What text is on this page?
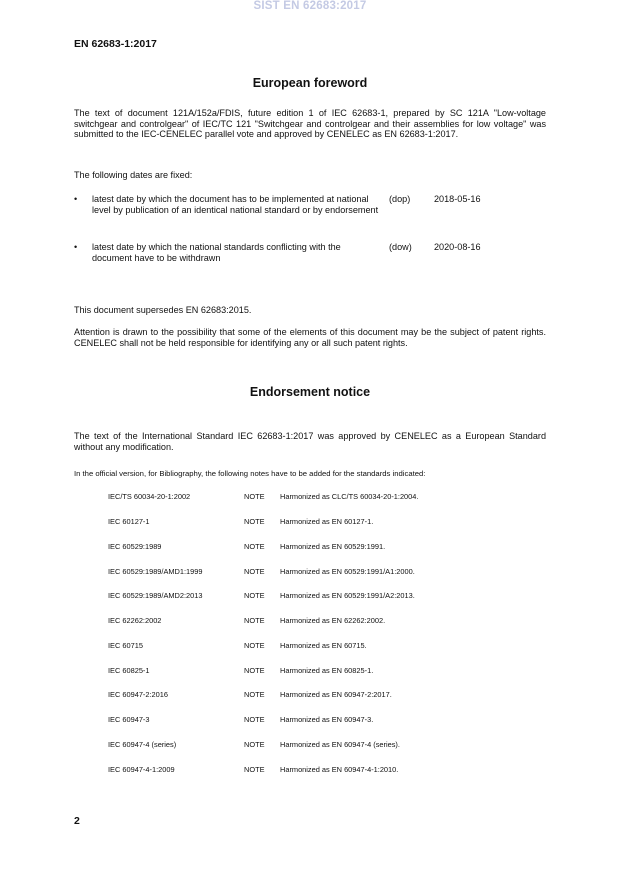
SIST EN 62683:2017
EN 62683-1:2017
European foreword
The text of document 121A/152a/FDIS, future edition 1 of IEC 62683-1, prepared by SC 121A "Low-voltage switchgear and controlgear" of IEC/TC 121 "Switchgear and controlgear and their assemblies for low voltage" was submitted to the IEC-CENELEC parallel vote and approved by CENELEC as EN 62683-1:2017.
The following dates are fixed:
• latest date by which the document has to be implemented at national level by publication of an identical national standard or by endorsement
(dop)	2018-05-16
• latest date by which the national standards conflicting with the document have to be withdrawn
(dow) 2020-08-16
This document supersedes EN 62683:2015.
Attention is drawn to the possibility that some of the elements of this document may be the subject of patent rights. CENELEC shall not be held responsible for identifying any or all such patent rights.
Endorsement notice
The text of the International Standard IEC 62683-1:2017 was approved by CENELEC as a European Standard without any modification.
In the official version, for Bibliography, the following notes have to be added for the standards indicated:
IEC/TS 60034-20-1:2002	NOTE Harmonized as CLC/TS 60034-20-1:2004.
IEC 60127-1	NOTE Harmonized as EN 60127-1.
IEC 60529:1989	NOTE Harmonized as EN 60529:1991.
IEC 60529:1989/AMD1:1999	NOTE Harmonized as EN 60529:1991/A1:2000.
IEC 60529:1989/AMD2:2013	NOTE Harmonized as EN 60529:1991/A2:2013.
IEC 62262:2002	NOTE Harmonized as EN 62262:2002.
IEC 60715	NOTE Harmonized as EN 60715.
IEC 60825-1	NOTE Harmonized as EN 60825-1.
IEC 60947-2:2016	NOTE Harmonized as EN 60947-2:2017.
IEC 60947-3	NOTE Harmonized as EN 60947-3.
IEC 60947-4 (series)	NOTE Harmonized as EN 60947-4 (series).
IEC 60947-4-1:2009	NOTE Harmonized as EN 60947-4-1:2010.
2
